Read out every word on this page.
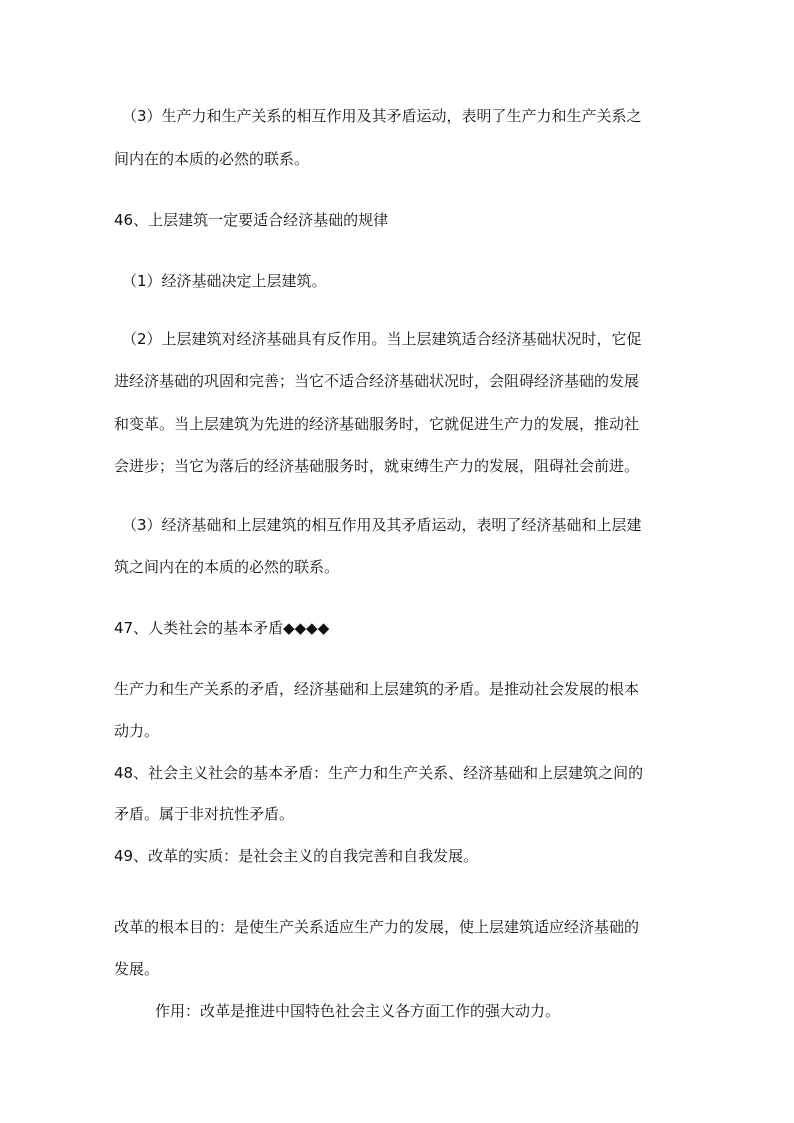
（3）生产力和生产关系的相互作用及其矛盾运动，表明了生产力和生产关系之
间内在的本质的必然的联系。
46、上层建筑一定要适合经济基础的规律
（1）经济基础决定上层建筑。
（2）上层建筑对经济基础具有反作用。当上层建筑适合经济基础状况时，它促
进经济基础的巩固和完善；当它不适合经济基础状况时，会阻碍经济基础的发展
和变革。当上层建筑为先进的经济基础服务时，它就促进生产力的发展，推动社
会进步；当它为落后的经济基础服务时，就束缚生产力的发展，阻碍社会前进。
（3）经济基础和上层建筑的相互作用及其矛盾运动，表明了经济基础和上层建
筑之间内在的本质的必然的联系。
47、人类社会的基本矛盾◆◆◆◆
生产力和生产关系的矛盾，经济基础和上层建筑的矛盾。是推动社会发展的根本
动力。
48、社会主义社会的基本矛盾：生产力和生产关系、经济基础和上层建筑之间的
矛盾。属于非对抗性矛盾。
49、改革的实质：是社会主义的自我完善和自我发展。
改革的根本目的：是使生产关系适应生产力的发展，使上层建筑适应经济基础的
发展。
作用：改革是推进中国特色社会主义各方面工作的强大动力。
